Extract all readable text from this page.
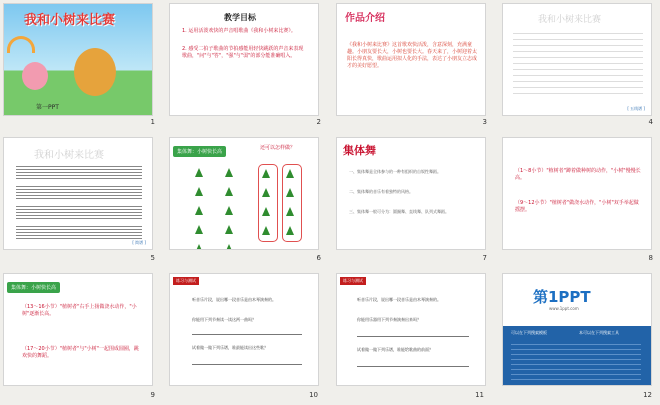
我和小树来比赛
第一PPT
1
教学目标
1. 运用活泼欢快的声音唱歌曲《我和小树来比赛》。
2. 感受二拍子歌曲的节拍感能用轻快跳跃的声音来表现歌曲，"问"与"答"，"强"与"弱"的部分能准确唱入。
2
作品介绍
《我和小树来比赛》这首歌欢快活泼，含意深刻，充满童趣。小朋友要长大，小树也要长大。春天来了，小树迎着太阳长得真快，歌曲运用拟人化的手法，表达了小朋友立志成才的美好愿望。
3
我和小树来比赛
[ 五线谱 ]
4
我和小树来比赛
[ 简谱 ]
5
集体舞：小树快长高
还可以怎样做？
6
集体舞
一、集体舞是全体参与的一种有组织的自娱性舞蹈。
二、集体舞的音乐有着独特的风格。
三、集体舞一般可分为：圆圈舞、直线舞、队列式舞蹈。
7
（1～8小节）"植树者"蹲着做种树的动作，"小树"慢慢长高。
（9～12小节）"植树者"做浇水动作，"小树"双手举起做摇摆。
8
集体舞：小树快长高
（13～16小节）"植树者"右手上扬做浇水动作，"小树"逐渐长高。
（17～20小节）"植树者"与"小树"一起围成圆圈，跳欢快的舞蹈。
9
练习与测试
听音乐片段，说出哪一段音乐是由木琴演奏的。
你能用下列节奏读一读这两一曲吗？
试着做一做下列乐谱，谁最能读出这些歌？
10
练习与测试
听音乐片段，说出哪一段音乐是由木琴演奏的。
你能用乐器用下列节奏演奏出来吗？
试着做一做下列乐谱，谁能给歌曲的前面？
11
第1PPT
www.1ppt.com
可以在下列搜索模板	本可以在下列搜索工具
12
